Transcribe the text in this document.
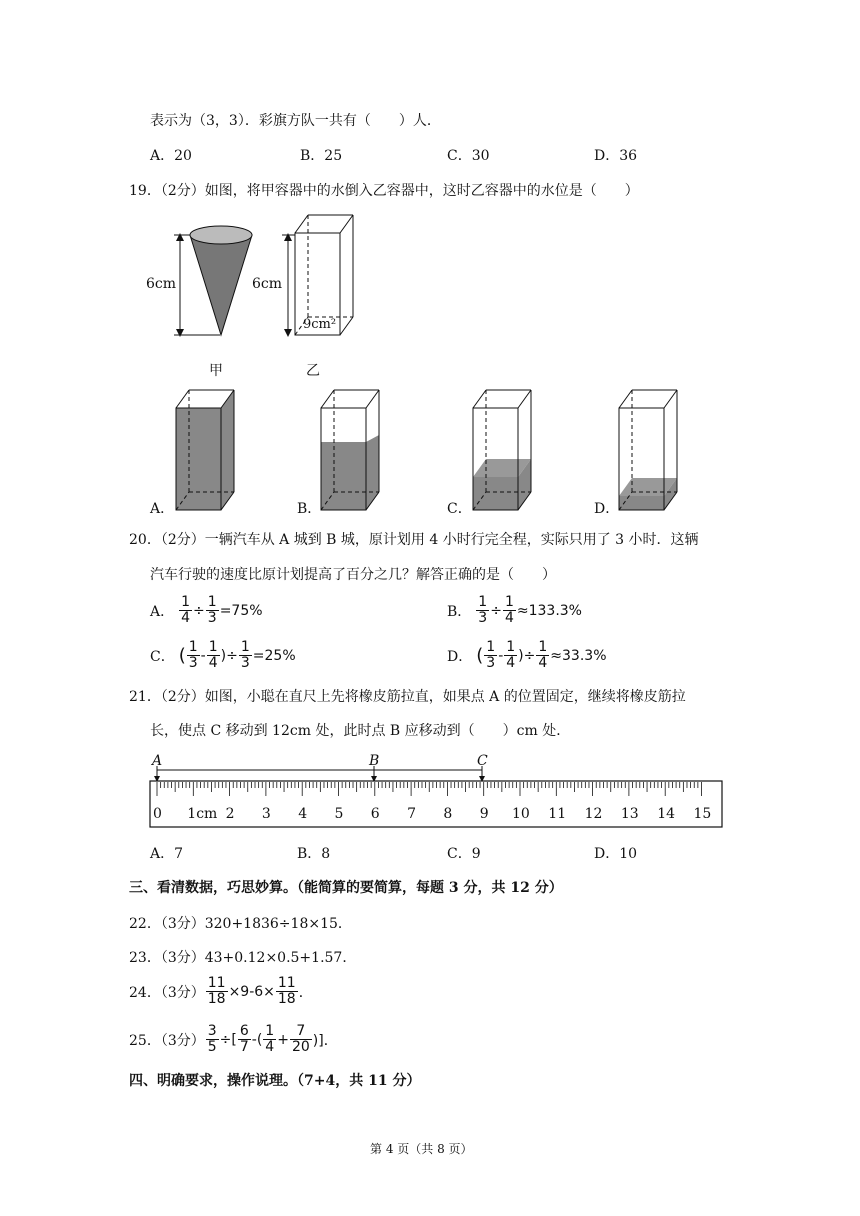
表示为（3，3）．彩旗方队一共有（　　）人．
A．20	B．25	C．30	D．36
19．（2分）如图，将甲容器中的水倒入乙容器中，这时乙容器中的水位是（　　）
6cm	6cm
9cm²
甲	乙
A．	B．	C．	D．
20．（2分）一辆汽车从 A 城到 B 城，原计划用 4 小时行完全程，实际只用了 3 小时．这辆
汽车行驶的速度比原计划提高了百分之几？解答正确的是（　　）
A． $\frac{1}{4} \div \frac{1}{3} =75\%$	B． $\frac{1}{3} \div \frac{1}{4} \approx 133.3\%$
C． ( $\frac{1}{3} - \frac{1}{4}$ )÷ $\frac{1}{3} =25\%$	D． ( $\frac{1}{3} - \frac{1}{4}$ )÷ $\frac{1}{4} \approx 33.3\%$
21．（2分）如图，小聪在直尺上先将橡皮筋拉直，如果点 A 的位置固定，继续将橡皮筋拉
长，使点 C 移动到 12cm 处，此时点 B 应移动到（　　）cm 处．
A	B	C
0 1cm 2 3 4 5 6 7 8 9 10 11 12 13 14 15
A．7	B．8	C．9	D．10
三、看清数据，巧思妙算。（能简算的要简算，每题 3 分，共 12 分）
22．（3分）320+1836÷18×15．
23．（3分）43+0.12×0.5+1.57．
24．（3分） $\frac{11}{18} \times 9-6\times \frac{11}{18}$ ．
25．（3分） $\frac{3}{5}$ ÷[ $\frac{6}{7}$ -( $\frac{1}{4} + \frac{7}{20}$ )]．
四、明确要求，操作说理。（7+4，共 11 分）
第 4 页（共 8 页）
